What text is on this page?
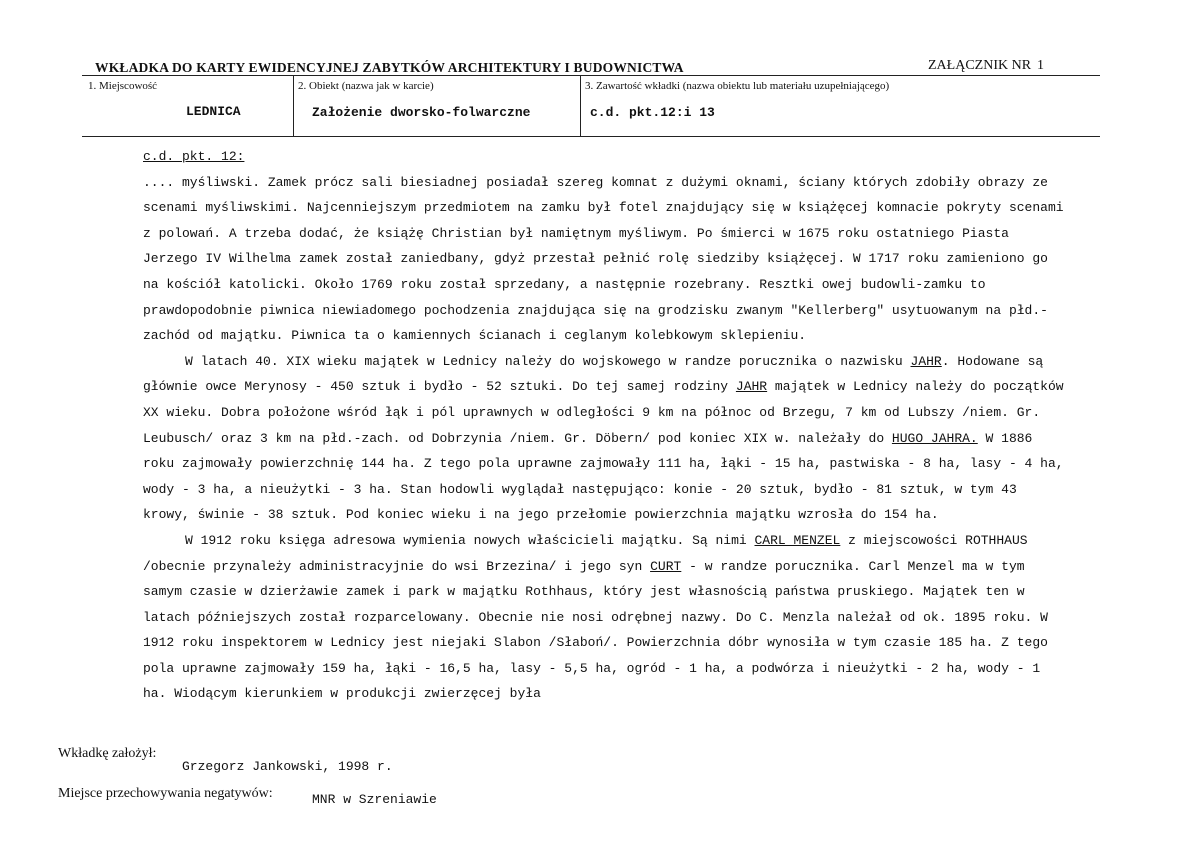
WKŁADKA DO KARTY EWIDENCYJNEJ ZABYTKÓW ARCHITEKTURY I BUDOWNICTWA	ZAŁĄCZNIK NR 1
1. Miejscowość
LEDNICA
2. Obiekt (nazwa jak w karcie)
Założenie dworsko-folwarczne
3. Zawartość wkładki (nazwa obiektu lub materiału uzupełniającego)
c.d. pkt.12:i 13

c.d. pkt. 12:

.... myśliwski. Zamek prócz sali biesiadnej posiadał szereg komnat z dużymi oknami, ściany których zdobiły obrazy ze scenami myśliwskimi. Najcenniejszym przedmiotem na zamku był fotel znajdujący się w książęcej komnacie pokryty scenami z polowań. A trzeba dodać, że książę Christian był namiętnym myśliwym. Po śmierci w 1675 roku ostatniego Piasta Jerzego IV Wilhelma zamek został zaniedbany, gdyż przestał pełnić rolę siedziby książęcej. W 1717 roku zamieniono go na kościół katolicki. Około 1769 roku został sprzedany, a następnie rozebrany. Resztki owej budowli-zamku to prawdopodobnie piwnica niewiadomego pochodzenia znajdująca się na grodzisku zwanym "Kellerberg" usytuowanym na płd.-zachód od majątku. Piwnica ta o kamiennych ścianach i ceglanym kolebkowym sklepieniu.

W latach 40. XIX wieku majątek w Lednicy należy do wojskowego w randze porucznika o nazwisku JAHR. Hodowane są głównie owce Merynosy - 450 sztuk i bydło - 52 sztuki. Do tej samej rodziny JAHR majątek w Lednicy należy do początków XX wieku. Dobra położone wśród łąk i pól uprawnych w odległości 9 km na północ od Brzegu, 7 km od Lubszy /niem. Gr. Leubusch/ oraz 3 km na płd.-zach. od Dobrzynia /niem. Gr. Döbern/ pod koniec XIX w. należały do HUGO JAHRA. W 1886 roku zajmowały powierzchnię 144 ha. Z tego pola uprawne zajmowały 111 ha, łąki - 15 ha, pastwiska - 8 ha, lasy - 4 ha, wody - 3 ha, a nieużytki - 3 ha. Stan hodowli wyglądał następująco: konie - 20 sztuk, bydło - 81 sztuk, w tym 43 krowy, świnie - 38 sztuk. Pod koniec wieku i na jego przełomie powierzchnia majątku wzrosła do 154 ha.

W 1912 roku księga adresowa wymienia nowych właścicieli majątku. Są nimi CARL MENZEL z miejscowości ROTHHAUS /obecnie przynależy administracyjnie do wsi Brzezina/ i jego syn CURT - w randze porucznika. Carl Menzel ma w tym samym czasie w dzierżawie zamek i park w majątku Rothhaus, który jest własnością państwa pruskiego. Majątek ten w latach późniejszych został rozparcelowany. Obecnie nie nosi odrębnej nazwy. Do C. Menzla należał od ok. 1895 roku. W 1912 roku inspektorem w Lednicy jest niejaki Slabon /Słaboń/. Powierzchnia dóbr wynosiła w tym czasie 185 ha. Z tego pola uprawne zajmowały 159 ha, łąki - 16,5 ha, lasy - 5,5 ha, ogród - 1 ha, a podwórza i nieużytki - 2 ha, wody - 1 ha. Wiodącym kierunkiem w produkcji zwierzęcej była

Wkładkę założył:
Grzegorz Jankowski, 1998 r.
Miejsce przechowywania negatywów:	MNR w Szreniawie
